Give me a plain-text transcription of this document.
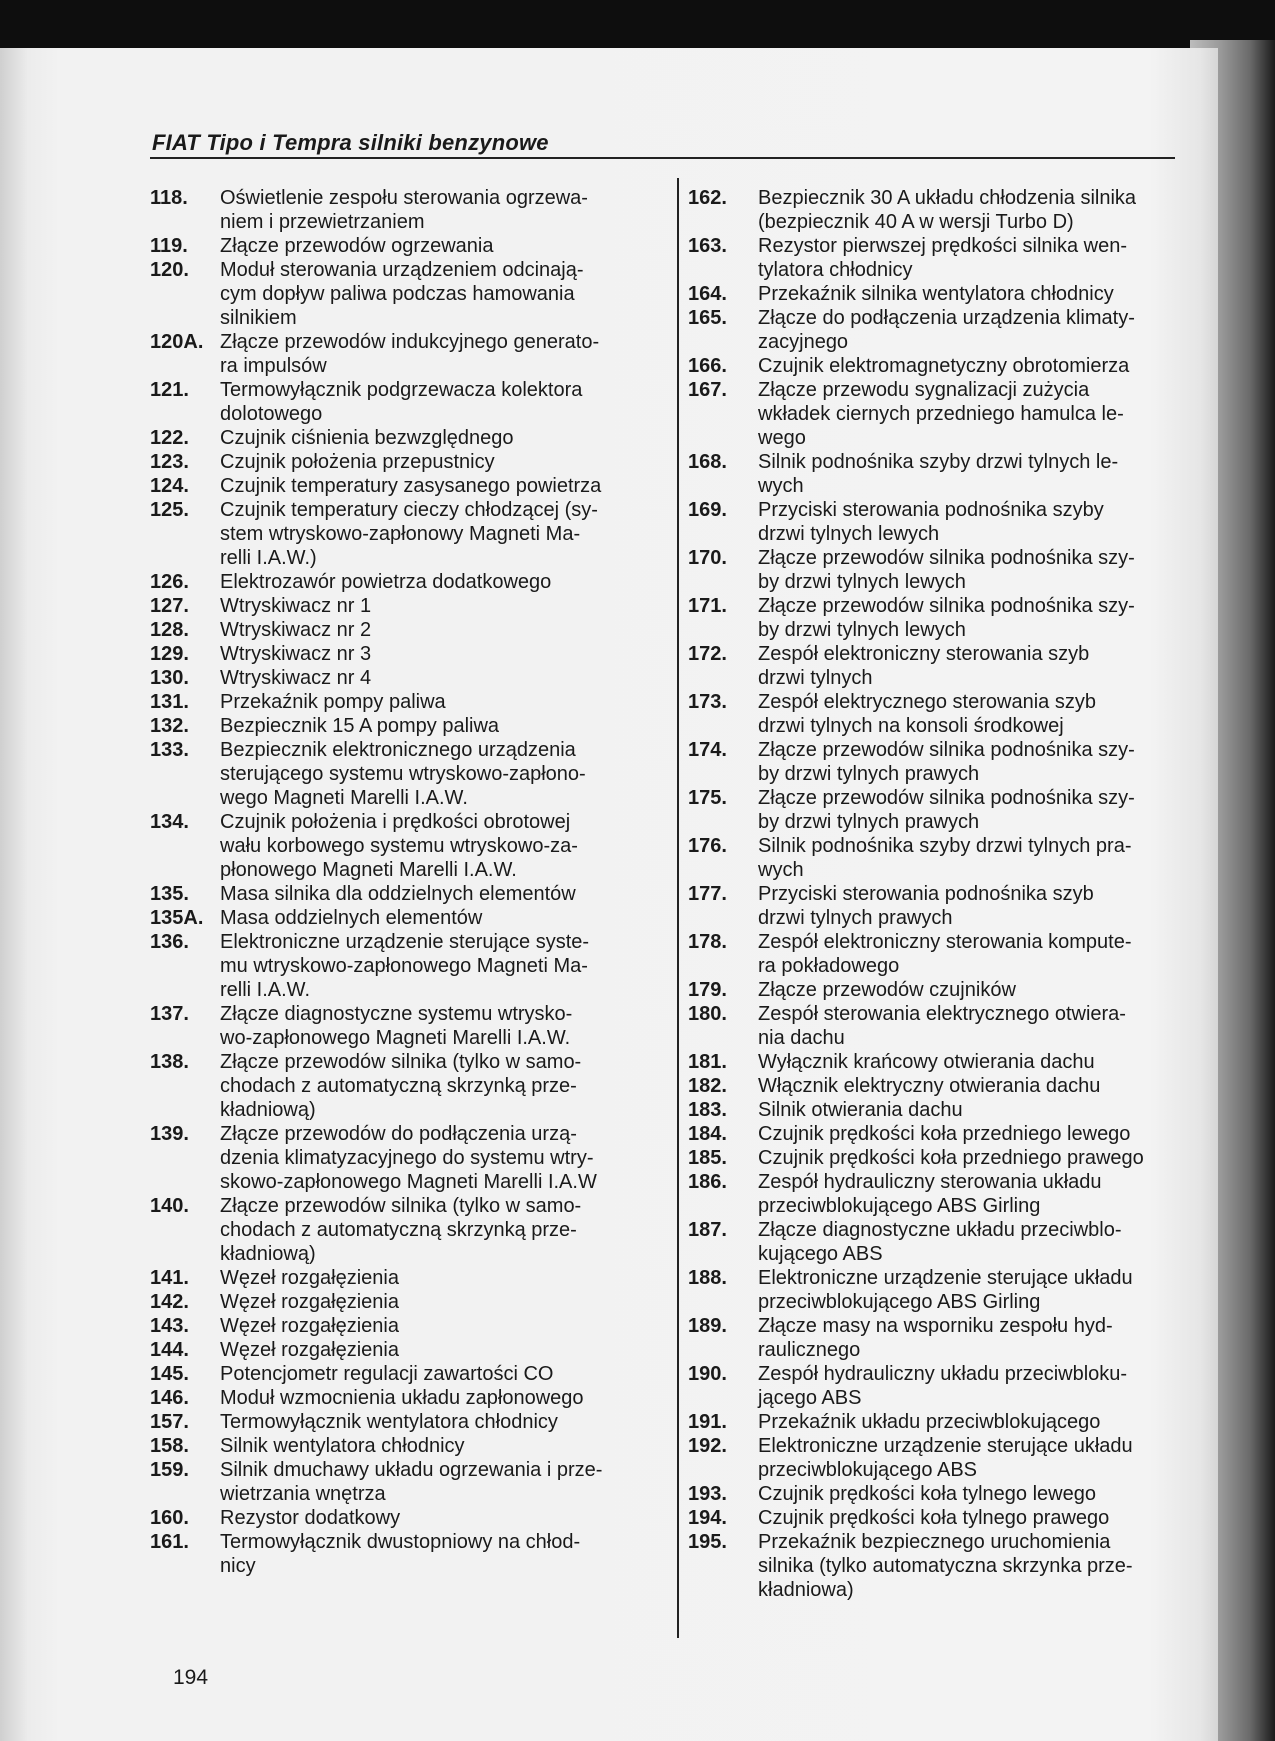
FIAT Tipo i Tempra silniki benzynowe
118.	Oświetlenie zespołu sterowania ogrzewa-
niem i przewietrzaniem
119.	Złącze przewodów ogrzewania
120.	Moduł sterowania urządzeniem odcinają-
cym dopływ paliwa podczas hamowania
silnikiem
120A. Złącze przewodów indukcyjnego generato-
ra impulsów
121.	Termowyłącznik podgrzewacza kolektora
dolotowego
122.	Czujnik ciśnienia bezwzględnego
123.	Czujnik położenia przepustnicy
124.	Czujnik temperatury zasysanego powietrza
125.	Czujnik temperatury cieczy chłodzącej (sy-
stem wtryskowo-zapłonowy Magneti Ma-
relli I.A.W.)
126.	Elektrozawór powietrza dodatkowego
127.	Wtryskiwacz nr 1
128.	Wtryskiwacz nr 2
129.	Wtryskiwacz nr 3
130.	Wtryskiwacz nr 4
131.	Przekaźnik pompy paliwa
132.	Bezpiecznik 15 A pompy paliwa
133.	Bezpiecznik elektronicznego urządzenia
sterującego systemu wtryskowo-zapłono-
wego Magneti Marelli I.A.W.
134.	Czujnik położenia i prędkości obrotowej
wału korbowego systemu wtryskowo-za-
płonowego Magneti Marelli I.A.W.
135.	Masa silnika dla oddzielnych elementów
135A. Masa oddzielnych elementów
136.	Elektroniczne urządzenie sterujące syste-
mu wtryskowo-zapłonowego Magneti Ma-
relli I.A.W.
137.	Złącze diagnostyczne systemu wtrysko-
wo-zapłonowego Magneti Marelli I.A.W.
138.	Złącze przewodów silnika (tylko w samo-
chodach z automatyczną skrzynką prze-
kładniową)
139.	Złącze przewodów do podłączenia urzą-
dzenia klimatyzacyjnego do systemu wtry-
skowo-zapłonowego Magneti Marelli I.A.W
140.	Złącze przewodów silnika (tylko w samo-
chodach z automatyczną skrzynką prze-
kładniową)
141.	Węzeł rozgałęzienia
142.	Węzeł rozgałęzienia
143.	Węzeł rozgałęzienia
144.	Węzeł rozgałęzienia
145.	Potencjometr regulacji zawartości CO
146.	Moduł wzmocnienia układu zapłonowego
157.	Termowyłącznik wentylatora chłodnicy
158.	Silnik wentylatora chłodnicy
159.	Silnik dmuchawy układu ogrzewania i prze-
wietrzania wnętrza
160.	Rezystor dodatkowy
161.	Termowyłącznik dwustopniowy na chłod-
nicy
162.	Bezpiecznik 30 A układu chłodzenia silnika
(bezpiecznik 40 A w wersji Turbo D)
163.	Rezystor pierwszej prędkości silnika wen-
tylatora chłodnicy
164.	Przekaźnik silnika wentylatora chłodnicy
165.	Złącze do podłączenia urządzenia klimaty-
zacyjnego
166.	Czujnik elektromagnetyczny obrotomierza
167.	Złącze przewodu sygnalizacji zużycia
wkładek ciernych przedniego hamulca le-
wego
168.	Silnik podnośnika szyby drzwi tylnych le-
wych
169.	Przyciski sterowania podnośnika szyby
drzwi tylnych lewych
170.	Złącze przewodów silnika podnośnika szy-
by drzwi tylnych lewych
171.	Złącze przewodów silnika podnośnika szy-
by drzwi tylnych lewych
172.	Zespół elektroniczny sterowania szyb
drzwi tylnych
173.	Zespół elektrycznego sterowania szyb
drzwi tylnych na konsoli środkowej
174.	Złącze przewodów silnika podnośnika szy-
by drzwi tylnych prawych
175.	Złącze przewodów silnika podnośnika szy-
by drzwi tylnych prawych
176.	Silnik podnośnika szyby drzwi tylnych pra-
wych
177.	Przyciski sterowania podnośnika szyb
drzwi tylnych prawych
178.	Zespół elektroniczny sterowania kompute-
ra pokładowego
179.	Złącze przewodów czujników
180.	Zespół sterowania elektrycznego otwiera-
nia dachu
181.	Wyłącznik krańcowy otwierania dachu
182.	Włącznik elektryczny otwierania dachu
183.	Silnik otwierania dachu
184.	Czujnik prędkości koła przedniego lewego
185.	Czujnik prędkości koła przedniego prawego
186.	Zespół hydrauliczny sterowania układu
przeciwblokującego ABS Girling
187.	Złącze diagnostyczne układu przeciwblo-
kującego ABS
188.	Elektroniczne urządzenie sterujące układu
przeciwblokującego ABS Girling
189.	Złącze masy na wsporniku zespołu hyd-
raulicznego
190.	Zespół hydrauliczny układu przeciwbloku-
jącego ABS
191.	Przekaźnik układu przeciwblokującego
192.	Elektroniczne urządzenie sterujące układu
przeciwblokującego ABS
193.	Czujnik prędkości koła tylnego lewego
194.	Czujnik prędkości koła tylnego prawego
195.	Przekaźnik bezpiecznego uruchomienia
silnika (tylko automatyczna skrzynka prze-
kładniowa)
194
